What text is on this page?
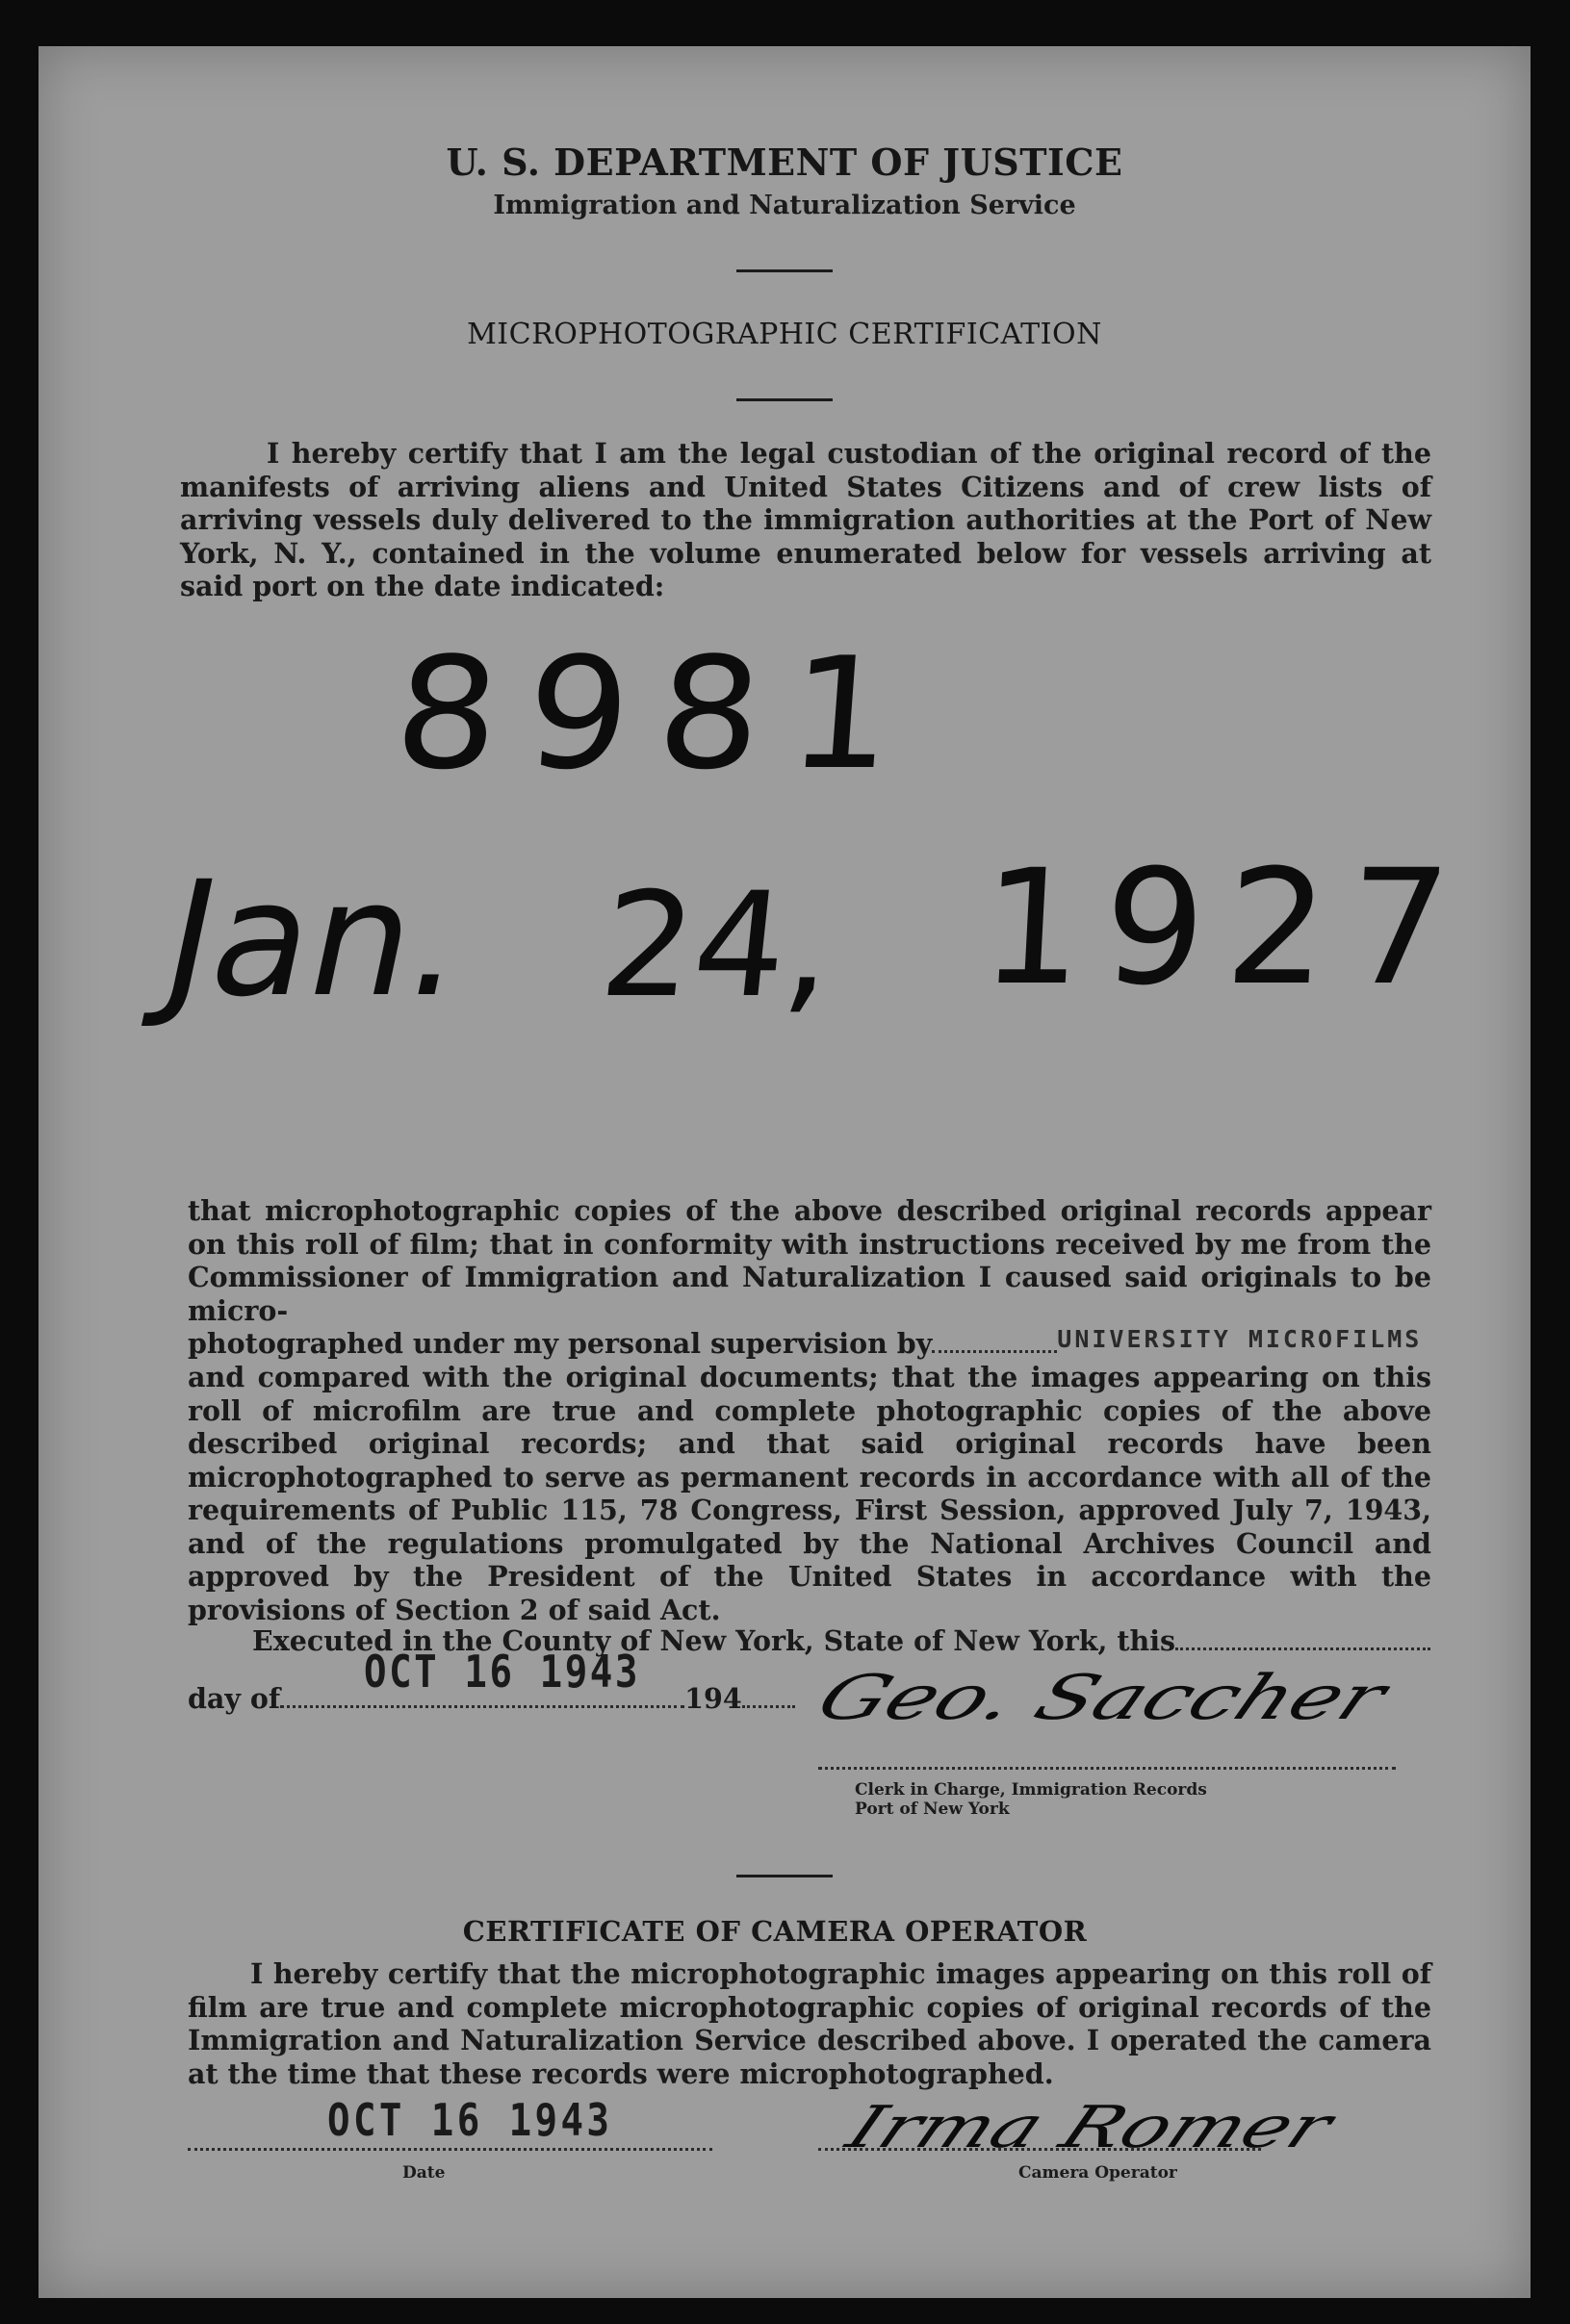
U. S. DEPARTMENT OF JUSTICE
Immigration and Naturalization Service
MICROPHOTOGRAPHIC CERTIFICATION
I hereby certify that I am the legal custodian of the original record of the manifests of arriving aliens and United States Citizens and of crew lists of arriving vessels duly delivered to the immigration authorities at the Port of New York, N. Y., contained in the volume enumerated below for vessels arriving at said port on the date indicated:
8981
Jan. 24, 1927
that microphotographic copies of the above described original records appear on this roll of film; that in conformity with instructions received by me from the Commissioner of Immigration and Naturalization I caused said originals to be micro-
photographed under my personal supervision by	UNIVERSITY MICROFILMS
and compared with the original documents; that the images appearing on this roll of microfilm are true and complete photographic copies of the above described original records; and that said original records have been microphotographed to serve as permanent records in accordance with all of the requirements of Public 115, 78 Congress, First Session, approved July 7, 1943, and of the regulations promulgated by the National Archives Council and approved by the President of the United States in accordance with the provisions of Section 2 of said Act.
Executed in the County of New York, State of New York, this
day of	194
OCT 16 1943	Geo. Saccher
Clerk in Charge, Immigration Records
Port of New York
CERTIFICATE OF CAMERA OPERATOR
I hereby certify that the microphotographic images appearing on this roll of film are true and complete microphotographic copies of original records of the Immigration and Naturalization Service described above. I operated the camera at the time that these records were microphotographed.
OCT 16 1943
Date
Irma Romer
Camera Operator
